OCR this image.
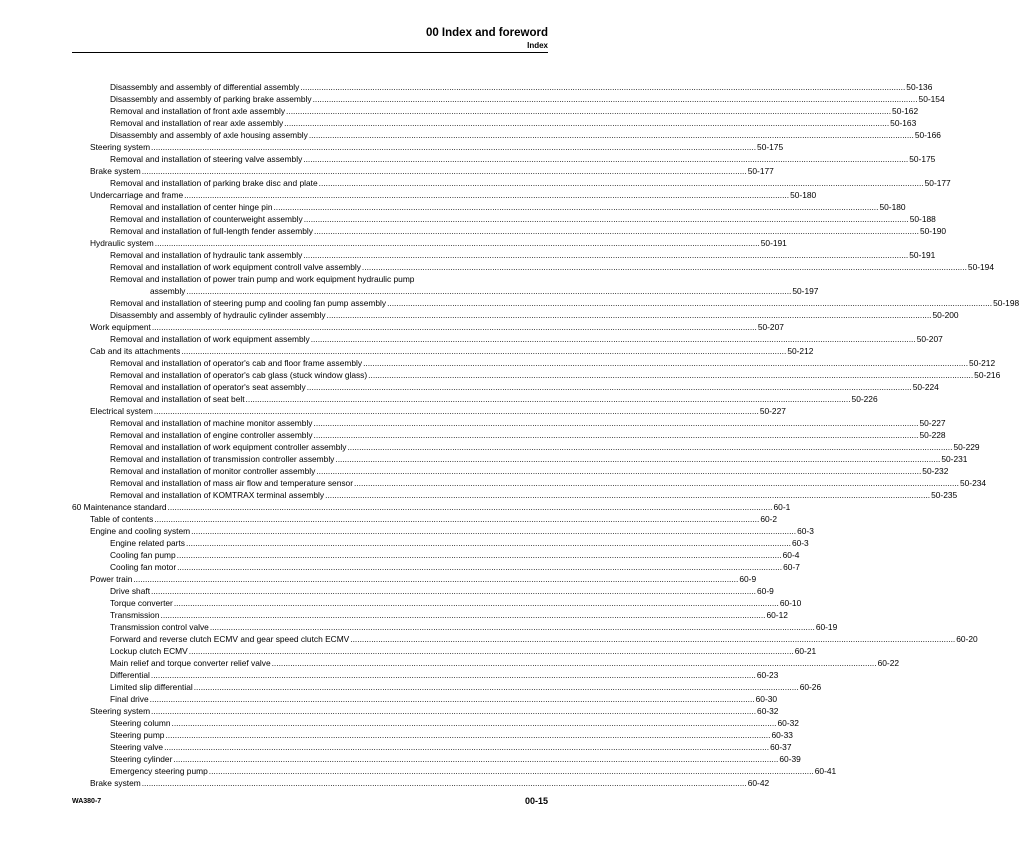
00 Index and foreword
Index
Disassembly and assembly of differential assembly .................................................................................................................................................................................................................................................................... 50-136
Disassembly and assembly of parking brake assembly .................................................................................................................................................................................................................................................................... 50-154
Removal and installation of front axle assembly .................................................................................................................................................................................................................................................................... 50-162
Removal and installation of rear axle assembly .................................................................................................................................................................................................................................................................... 50-163
Disassembly and assembly of axle housing assembly .................................................................................................................................................................................................................................................................... 50-166
Steering system .................................................................................................................................................................................................................................................................... 50-175
Removal and installation of steering valve assembly .................................................................................................................................................................................................................................................................... 50-175
Brake system .................................................................................................................................................................................................................................................................... 50-177
Removal and installation of parking brake disc and plate .................................................................................................................................................................................................................................................................... 50-177
Undercarriage and frame .................................................................................................................................................................................................................................................................... 50-180
Removal and installation of center hinge pin .................................................................................................................................................................................................................................................................... 50-180
Removal and installation of counterweight assembly .................................................................................................................................................................................................................................................................... 50-188
Removal and installation of full-length fender assembly .................................................................................................................................................................................................................................................................... 50-190
Hydraulic system .................................................................................................................................................................................................................................................................... 50-191
Removal and installation of hydraulic tank assembly .................................................................................................................................................................................................................................................................... 50-191
Removal and installation of work equipment controll valve assembly .................................................................................................................................................................................................................................................................... 50-194
Removal and installation of power train pump and work equipment hydraulic pump
assembly .................................................................................................................................................................................................................................................................... 50-197
Removal and installation of steering pump and cooling fan pump assembly .................................................................................................................................................................................................................................................................... 50-198
Disassembly and assembly of hydraulic cylinder assembly .................................................................................................................................................................................................................................................................... 50-200
Work equipment .................................................................................................................................................................................................................................................................... 50-207
Removal and installation of work equipment assembly .................................................................................................................................................................................................................................................................... 50-207
Cab and its attachments .................................................................................................................................................................................................................................................................... 50-212
Removal and installation of operator's cab and floor frame assembly .................................................................................................................................................................................................................................................................... 50-212
Removal and installation of operator's cab glass (stuck window glass) .................................................................................................................................................................................................................................................................... 50-216
Removal and installation of operator's seat assembly .................................................................................................................................................................................................................................................................... 50-224
Removal and installation of seat belt .................................................................................................................................................................................................................................................................... 50-226
Electrical system .................................................................................................................................................................................................................................................................... 50-227
Removal and installation of machine monitor assembly .................................................................................................................................................................................................................................................................... 50-227
Removal and installation of engine controller assembly .................................................................................................................................................................................................................................................................... 50-228
Removal and installation of work equipment controller assembly .................................................................................................................................................................................................................................................................... 50-229
Removal and installation of transmission controller assembly .................................................................................................................................................................................................................................................................... 50-231
Removal and installation of monitor controller assembly .................................................................................................................................................................................................................................................................... 50-232
Removal and installation of mass air flow and temperature sensor .................................................................................................................................................................................................................................................................... 50-234
Removal and installation of KOMTRAX terminal assembly .................................................................................................................................................................................................................................................................... 50-235
60 Maintenance standard .................................................................................................................................................................................................................................................................... 60-1
Table of contents .................................................................................................................................................................................................................................................................... 60-2
Engine and cooling system .................................................................................................................................................................................................................................................................... 60-3
Engine related parts .................................................................................................................................................................................................................................................................... 60-3
Cooling fan pump .................................................................................................................................................................................................................................................................... 60-4
Cooling fan motor .................................................................................................................................................................................................................................................................... 60-7
Power train .................................................................................................................................................................................................................................................................... 60-9
Drive shaft .................................................................................................................................................................................................................................................................... 60-9
Torque converter .................................................................................................................................................................................................................................................................... 60-10
Transmission .................................................................................................................................................................................................................................................................... 60-12
Transmission control valve .................................................................................................................................................................................................................................................................... 60-19
Forward and reverse clutch ECMV and gear speed clutch ECMV .................................................................................................................................................................................................................................................................... 60-20
Lockup clutch ECMV .................................................................................................................................................................................................................................................................... 60-21
Main relief and torque converter relief valve .................................................................................................................................................................................................................................................................... 60-22
Differential .................................................................................................................................................................................................................................................................... 60-23
Limited slip differential .................................................................................................................................................................................................................................................................... 60-26
Final drive .................................................................................................................................................................................................................................................................... 60-30
Steering system .................................................................................................................................................................................................................................................................... 60-32
Steering column .................................................................................................................................................................................................................................................................... 60-32
Steering pump .................................................................................................................................................................................................................................................................... 60-33
Steering valve .................................................................................................................................................................................................................................................................... 60-37
Steering cylinder .................................................................................................................................................................................................................................................................... 60-39
Emergency steering pump .................................................................................................................................................................................................................................................................... 60-41
Brake system .................................................................................................................................................................................................................................................................... 60-42
WA380-7	00-15
